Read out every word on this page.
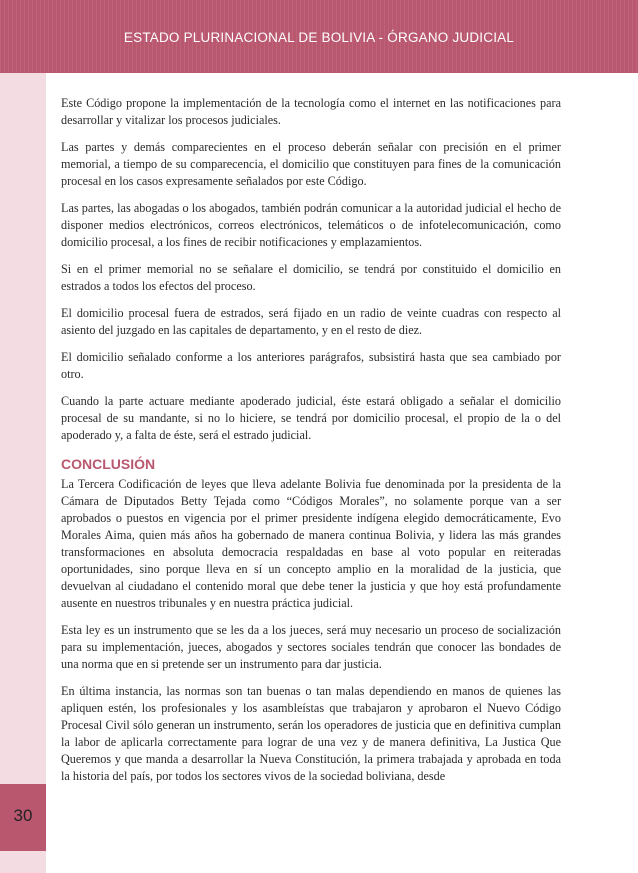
ESTADO PLURINACIONAL DE BOLIVIA - ÓRGANO JUDICIAL
30

Este Código propone la implementación de la tecnología como el internet en las notificaciones para desarrollar y vitalizar los procesos judiciales.

Las partes y demás comparecientes en el proceso deberán señalar con precisión en el primer memorial, a tiempo de su comparecencia, el domicilio que constituyen para fines de la comunicación procesal en los casos expresamente señalados por este Código.

Las partes, las abogadas o los abogados, también podrán comunicar a la autoridad judicial el hecho de disponer medios electrónicos, correos electrónicos, telemáticos o de infotelecomunicación, como domicilio procesal, a los fines de recibir notificaciones y emplazamientos.

Si en el primer memorial no se señalare el domicilio, se tendrá por constituido el domicilio en estrados a todos los efectos del proceso.

El domicilio procesal fuera de estrados, será fijado en un radio de veinte cuadras con respecto al asiento del juzgado en las capitales de departamento, y en el resto de diez.

El domicilio señalado conforme a los anteriores parágrafos, subsistirá hasta que sea cambiado por otro.

Cuando la parte actuare mediante apoderado judicial, éste estará obligado a señalar el domicilio procesal de su mandante, si no lo hiciere, se tendrá por domicilio procesal, el propio de la o del apoderado y, a falta de éste, será el estrado judicial.

CONCLUSIÓN

La Tercera Codificación de leyes que lleva adelante Bolivia fue denominada por la presidenta de la Cámara de Diputados Betty Tejada como “Códigos Morales”, no solamente porque van a ser aprobados o puestos en vigencia por el primer presidente indígena elegido democráticamente, Evo Morales Aima, quien más años ha gobernado de manera continua Bolivia, y lidera las más grandes transformaciones en absoluta democracia respaldadas en base al voto popular en reiteradas oportunidades, sino porque lleva en sí un concepto amplio en la moralidad de la justicia, que devuelvan al ciudadano el contenido moral que debe tener la justicia y que hoy está profundamente ausente en nuestros tribunales y en nuestra práctica judicial.

Esta ley es un instrumento que se les da a los jueces, será muy necesario un proceso de socialización para su implementación, jueces, abogados y sectores sociales tendrán que conocer las bondades de una norma que en si pretende ser un instrumento para dar justicia.

En última instancia, las normas son tan buenas o tan malas dependiendo en manos de quienes las apliquen estén, los profesionales y los asambleístas que trabajaron y aprobaron el Nuevo Código Procesal Civil sólo generan un instrumento, serán los operadores de justicia que en definitiva cumplan la labor de aplicarla correctamente para lograr de una vez y de manera definitiva, La Justica Que Queremos y que manda a desarrollar la Nueva Constitución, la primera trabajada y aprobada en toda la historia del país, por todos los sectores vivos de la sociedad boliviana, desde
